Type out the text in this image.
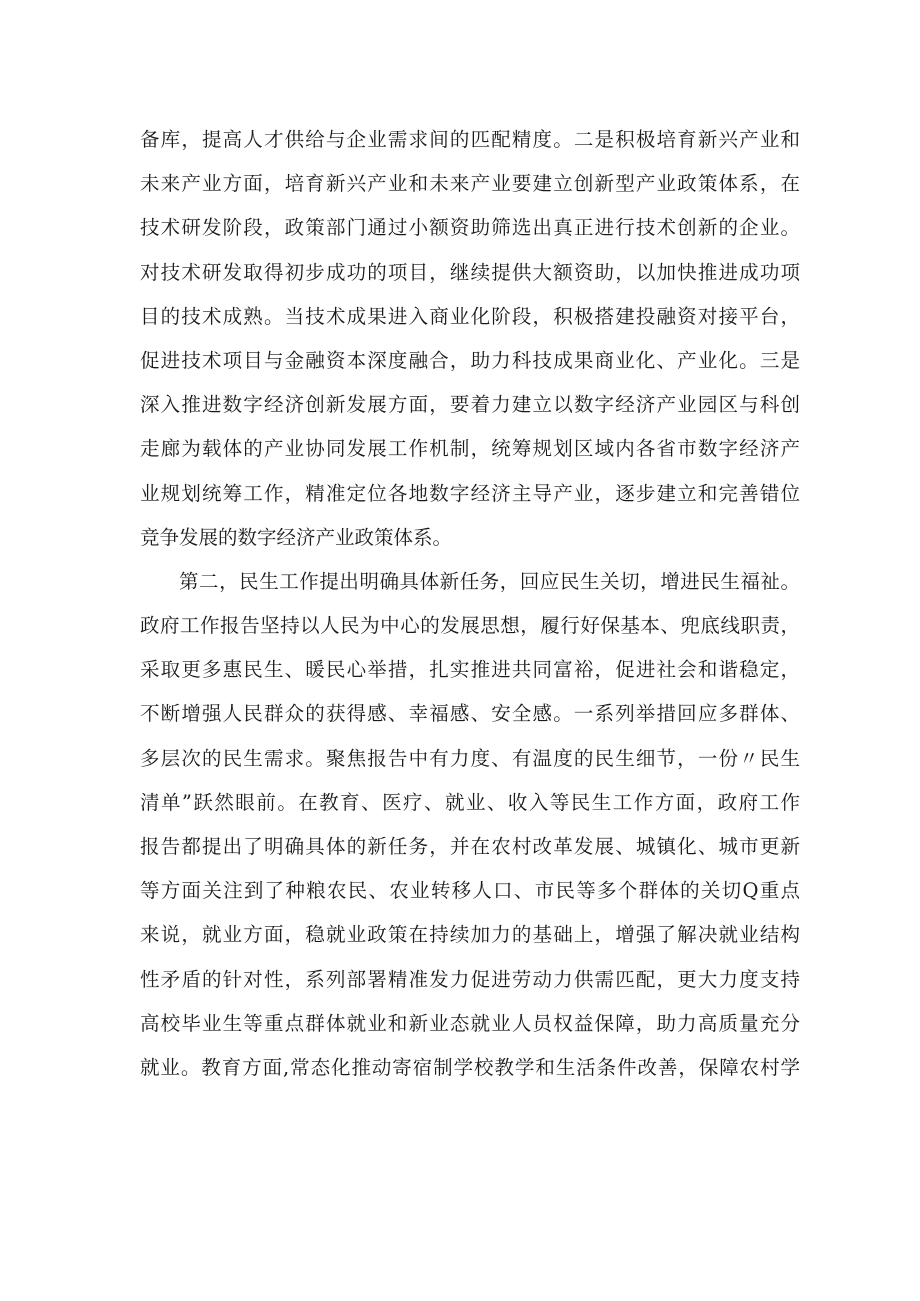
备库，提高人才供给与企业需求间的匹配精度。二是积极培育新兴产业和
未来产业方面，培育新兴产业和未来产业要建立创新型产业政策体系，在
技术研发阶段，政策部门通过小额资助筛选出真正进行技术创新的企业。
对技术研发取得初步成功的项目，继续提供大额资助，以加快推进成功项
目的技术成熟。当技术成果进入商业化阶段，积极搭建投融资对接平台，
促进技术项目与金融资本深度融合，助力科技成果商业化、产业化。三是
深入推进数字经济创新发展方面，要着力建立以数字经济产业园区与科创
走廊为载体的产业协同发展工作机制，统筹规划区域内各省市数字经济产
业规划统筹工作，精准定位各地数字经济主导产业，逐步建立和完善错位
竞争发展的数字经济产业政策体系。
第二，民生工作提出明确具体新任务，回应民生关切，增进民生福祉。
政府工作报告坚持以人民为中心的发展思想，履行好保基本、兜底线职责，
采取更多惠民生、暖民心举措，扎实推进共同富裕，促进社会和谐稳定，
不断增强人民群众的获得感、幸福感、安全感。一系列举措回应多群体、
多层次的民生需求。聚焦报告中有力度、有温度的民生细节，一份〃民生
清单”跃然眼前。在教育、医疗、就业、收入等民生工作方面，政府工作
报告都提出了明确具体的新任务，并在农村改革发展、城镇化、城市更新
等方面关注到了种粮农民、农业转移人口、市民等多个群体的关切Q重点
来说，就业方面，稳就业政策在持续加力的基础上，增强了解决就业结构
性矛盾的针对性，系列部署精准发力促进劳动力供需匹配，更大力度支持
高校毕业生等重点群体就业和新业态就业人员权益保障，助力高质量充分
就业。教育方面,常态化推动寄宿制学校教学和生活条件改善，保障农村学
